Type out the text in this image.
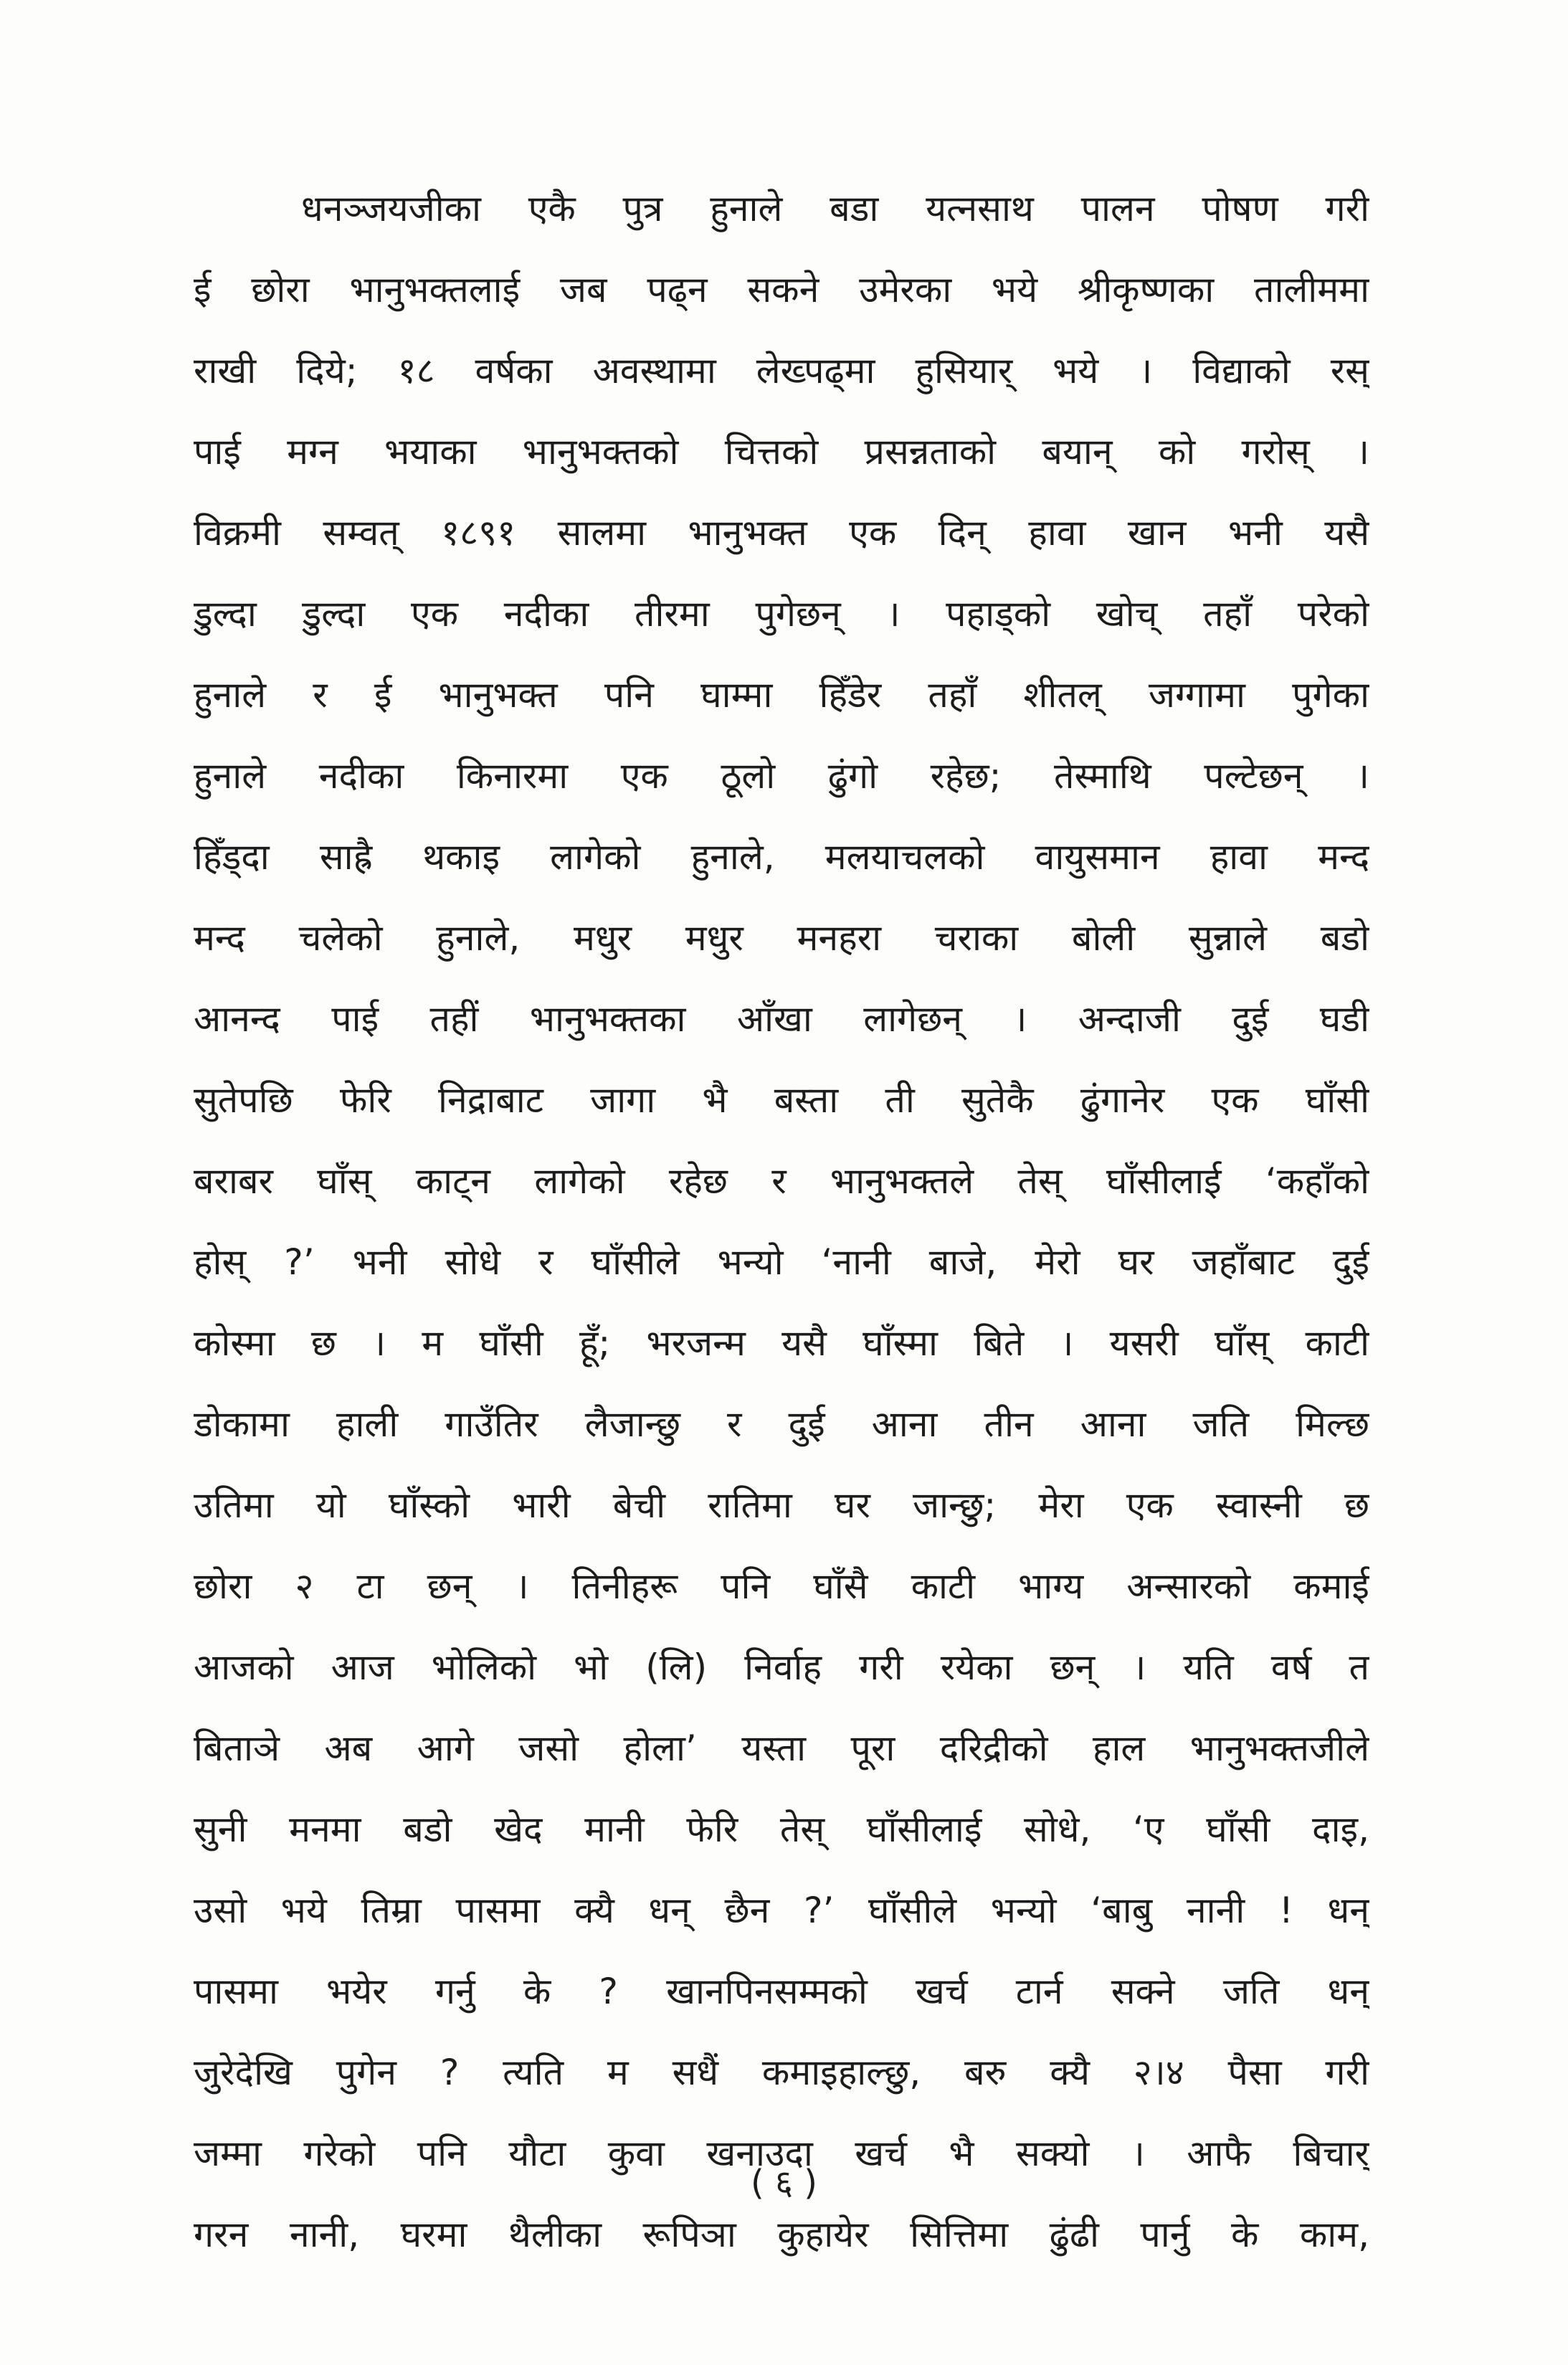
धनञ्जयजीका एकै पुत्र हुनाले बडा यत्नसाथ पालन पोषण गरी
ई छोरा भानुभक्तलाई जब पढ्न सकने उमेरका भये श्रीकृष्णका तालीममा
राखी दिये; १८ वर्षका अवस्थामा लेख्पढ्मा हुसियार् भये । विद्याको रस्
पाई मग्न भयाका भानुभक्तको चित्तको प्रसन्नताको बयान् को गरोस् ।
विक्रमी सम्वत् १८९१ सालमा भानुभक्त एक दिन् हावा खान भनी यसै
डुल्दा डुल्दा एक नदीका तीरमा पुगेछन् । पहाड्को खोच् तहाँ परेको
हुनाले र ई भानुभक्त पनि घाम्मा हिँडेर तहाँ शीतल् जग्गामा पुगेका
हुनाले नदीका किनारमा एक ठूलो ढुंगो रहेछ; तेस्माथि पल्टेछन् ।
हिँड्दा साह्रै थकाइ लागेको हुनाले, मलयाचलको वायुसमान हावा मन्द
मन्द चलेको हुनाले, मधुर मधुर मनहरा चराका बोली सुन्नाले बडो
आनन्द पाई तहीं भानुभक्तका आँखा लागेछन् । अन्दाजी दुई घडी
सुतेपछि फेरि निद्राबाट जागा भै बस्ता ती सुतेकै ढुंगानेर एक घाँसी
बराबर घाँस् काट्न लागेको रहेछ र भानुभक्तले तेस् घाँसीलाई ‘कहाँको
होस् ?’ भनी सोधे र घाँसीले भन्यो ‘नानी बाजे, मेरो घर जहाँबाट दुई
कोस्मा छ । म घाँसी हूँ; भरजन्म यसै घाँस्मा बिते । यसरी घाँस् काटी
डोकामा हाली गाउँतिर लैजान्छु र दुई आना तीन आना जति मिल्छ
उतिमा यो घाँस्को भारी बेची रातिमा घर जान्छु; मेरा एक स्वास्नी छ
छोरा २ टा छन् । तिनीहरू पनि घाँसै काटी भाग्य अन्सारको कमाई
आजको आज भोलिको भो (लि) निर्वाह गरी रयेका छन् । यति वर्ष त
बिताञे अब आगे जसो होला’ यस्ता पूरा दरिद्रीको हाल भानुभक्तजीले
सुनी मनमा बडो खेद मानी फेरि तेस् घाँसीलाई सोधे, ‘ए घाँसी दाइ,
उसो भये तिम्रा पासमा क्यै धन् छैन ?’ घाँसीले भन्यो ‘बाबु नानी ! धन्
पासमा भयेर गर्नु के ? खानपिनसम्मको खर्च टार्न सक्ने जति धन्
जुरेदेखि पुगेन ? त्यति म सधैं कमाइहाल्छु, बरु क्यै २।४ पैसा गरी
जम्मा गरेको पनि यौटा कुवा खनाउदा खर्च भै सक्यो । आफै बिचार्
गरन नानी, घरमा थैलीका रूपिञा कुहायेर सित्तिमा ढुंढी पार्नु के काम,
( ६ )
